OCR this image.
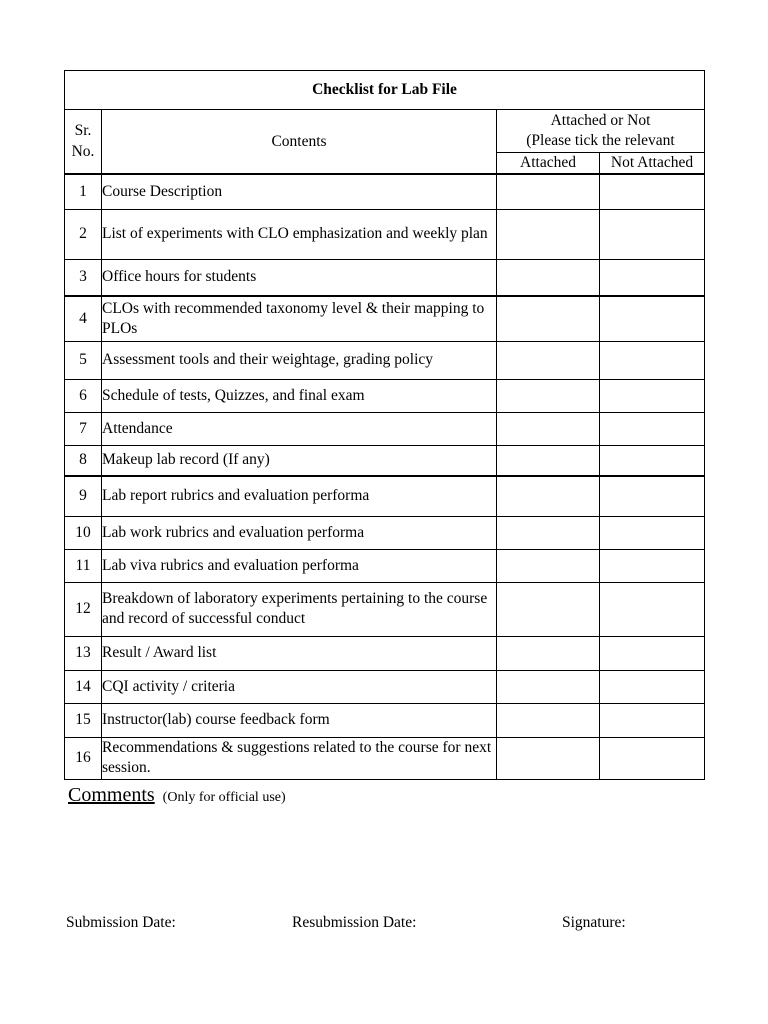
Checklist for Lab File			
Sr.
No.	Contents	Attached or Not
(Please tick the relevant	
		Attached	Not Attached
1	Course Description		
2	List of experiments with CLO emphasization and weekly plan		
3	Office hours for students		
4	CLOs with recommended taxonomy level & their mapping to PLOs		
5	Assessment tools and their weightage, grading policy		
6	Schedule of tests, Quizzes, and final exam		
7	Attendance		
8	Makeup lab record (If any)		
9	Lab report rubrics and evaluation performa		
10	Lab work rubrics and evaluation performa		
11	Lab viva rubrics and evaluation performa		
12	Breakdown of laboratory experiments pertaining to the course and record of successful conduct		
13	Result / Award list		
14	CQI activity / criteria		
15	Instructor(lab) course feedback form		
16	Recommendations & suggestions related to the course for next session.		
Comments (Only for official use)
Submission Date:	Resubmission Date:	Signature:
